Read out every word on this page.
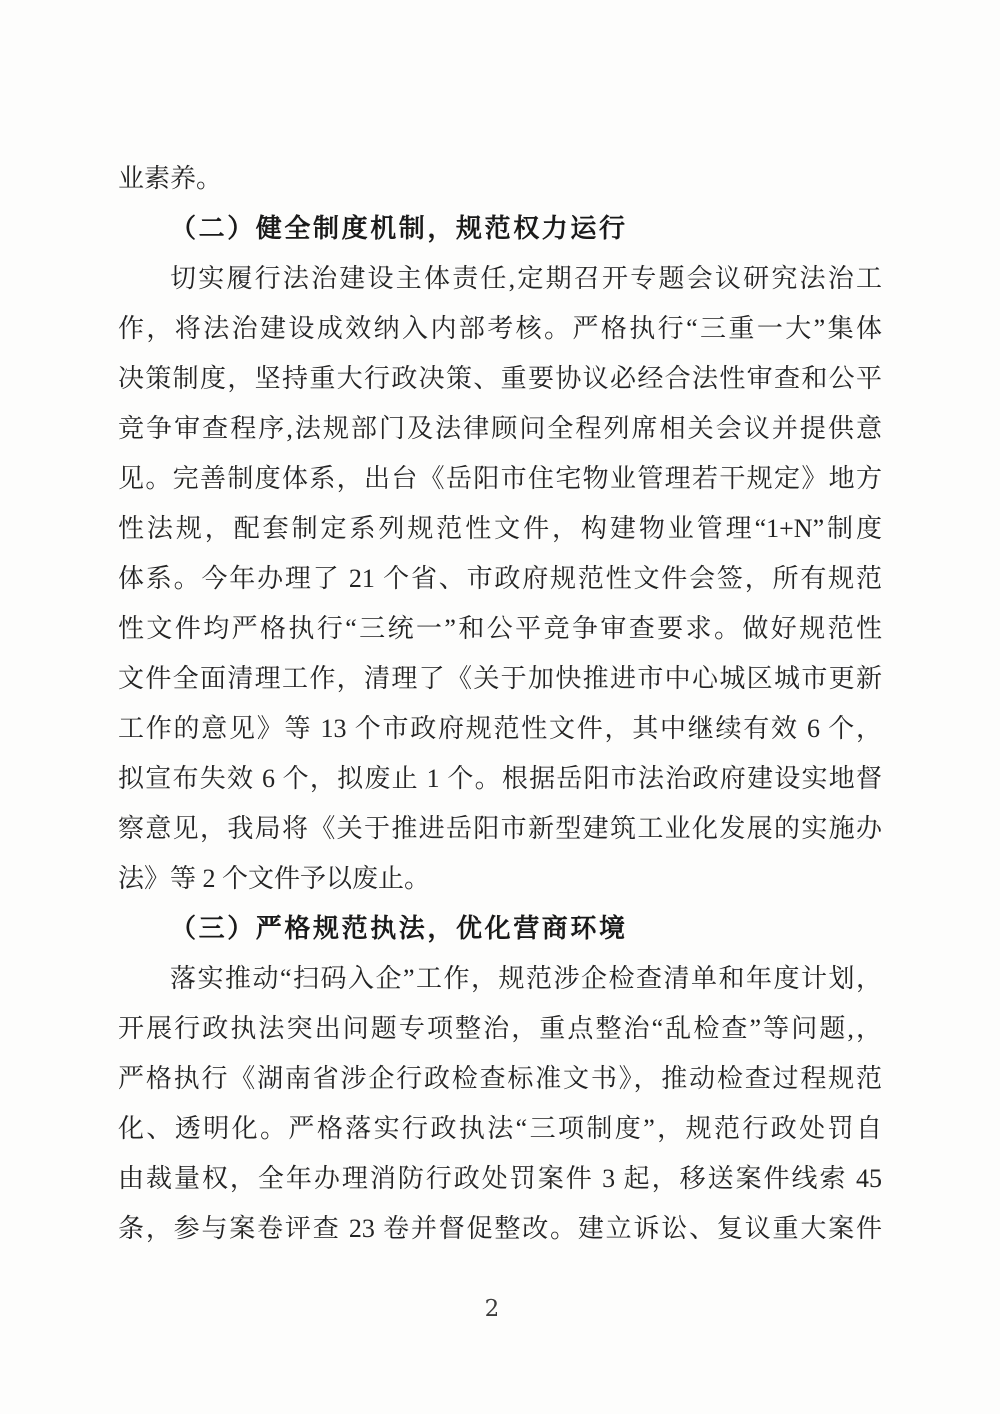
业素养。
（二）健全制度机制，规范权力运行
切实履行法治建设主体责任,定期召开专题会议研究法治工
作，将法治建设成效纳入内部考核。严格执行“三重一大”集体
决策制度，坚持重大行政决策、重要协议必经合法性审查和公平
竞争审查程序,法规部门及法律顾问全程列席相关会议并提供意
见。完善制度体系，出台《岳阳市住宅物业管理若干规定》地方
性法规，配套制定系列规范性文件，构建物业管理“1+N”制度
体系。今年办理了 21 个省、市政府规范性文件会签，所有规范
性文件均严格执行“三统一”和公平竞争审查要求。做好规范性
文件全面清理工作，清理了《关于加快推进市中心城区城市更新
工作的意见》等 13 个市政府规范性文件，其中继续有效 6 个，
拟宣布失效 6 个，拟废止 1 个。根据岳阳市法治政府建设实地督
察意见，我局将《关于推进岳阳市新型建筑工业化发展的实施办
法》等 2 个文件予以废止。
（三）严格规范执法，优化营商环境
落实推动“扫码入企”工作，规范涉企检查清单和年度计划，
开展行政执法突出问题专项整治，重点整治“乱检查”等问题,，
严格执行《湖南省涉企行政检查标准文书》，推动检查过程规范
化、透明化。严格落实行政执法“三项制度”，规范行政处罚自
由裁量权，全年办理消防行政处罚案件 3 起，移送案件线索 45
条，参与案卷评查 23 卷并督促整改。建立诉讼、复议重大案件
2
